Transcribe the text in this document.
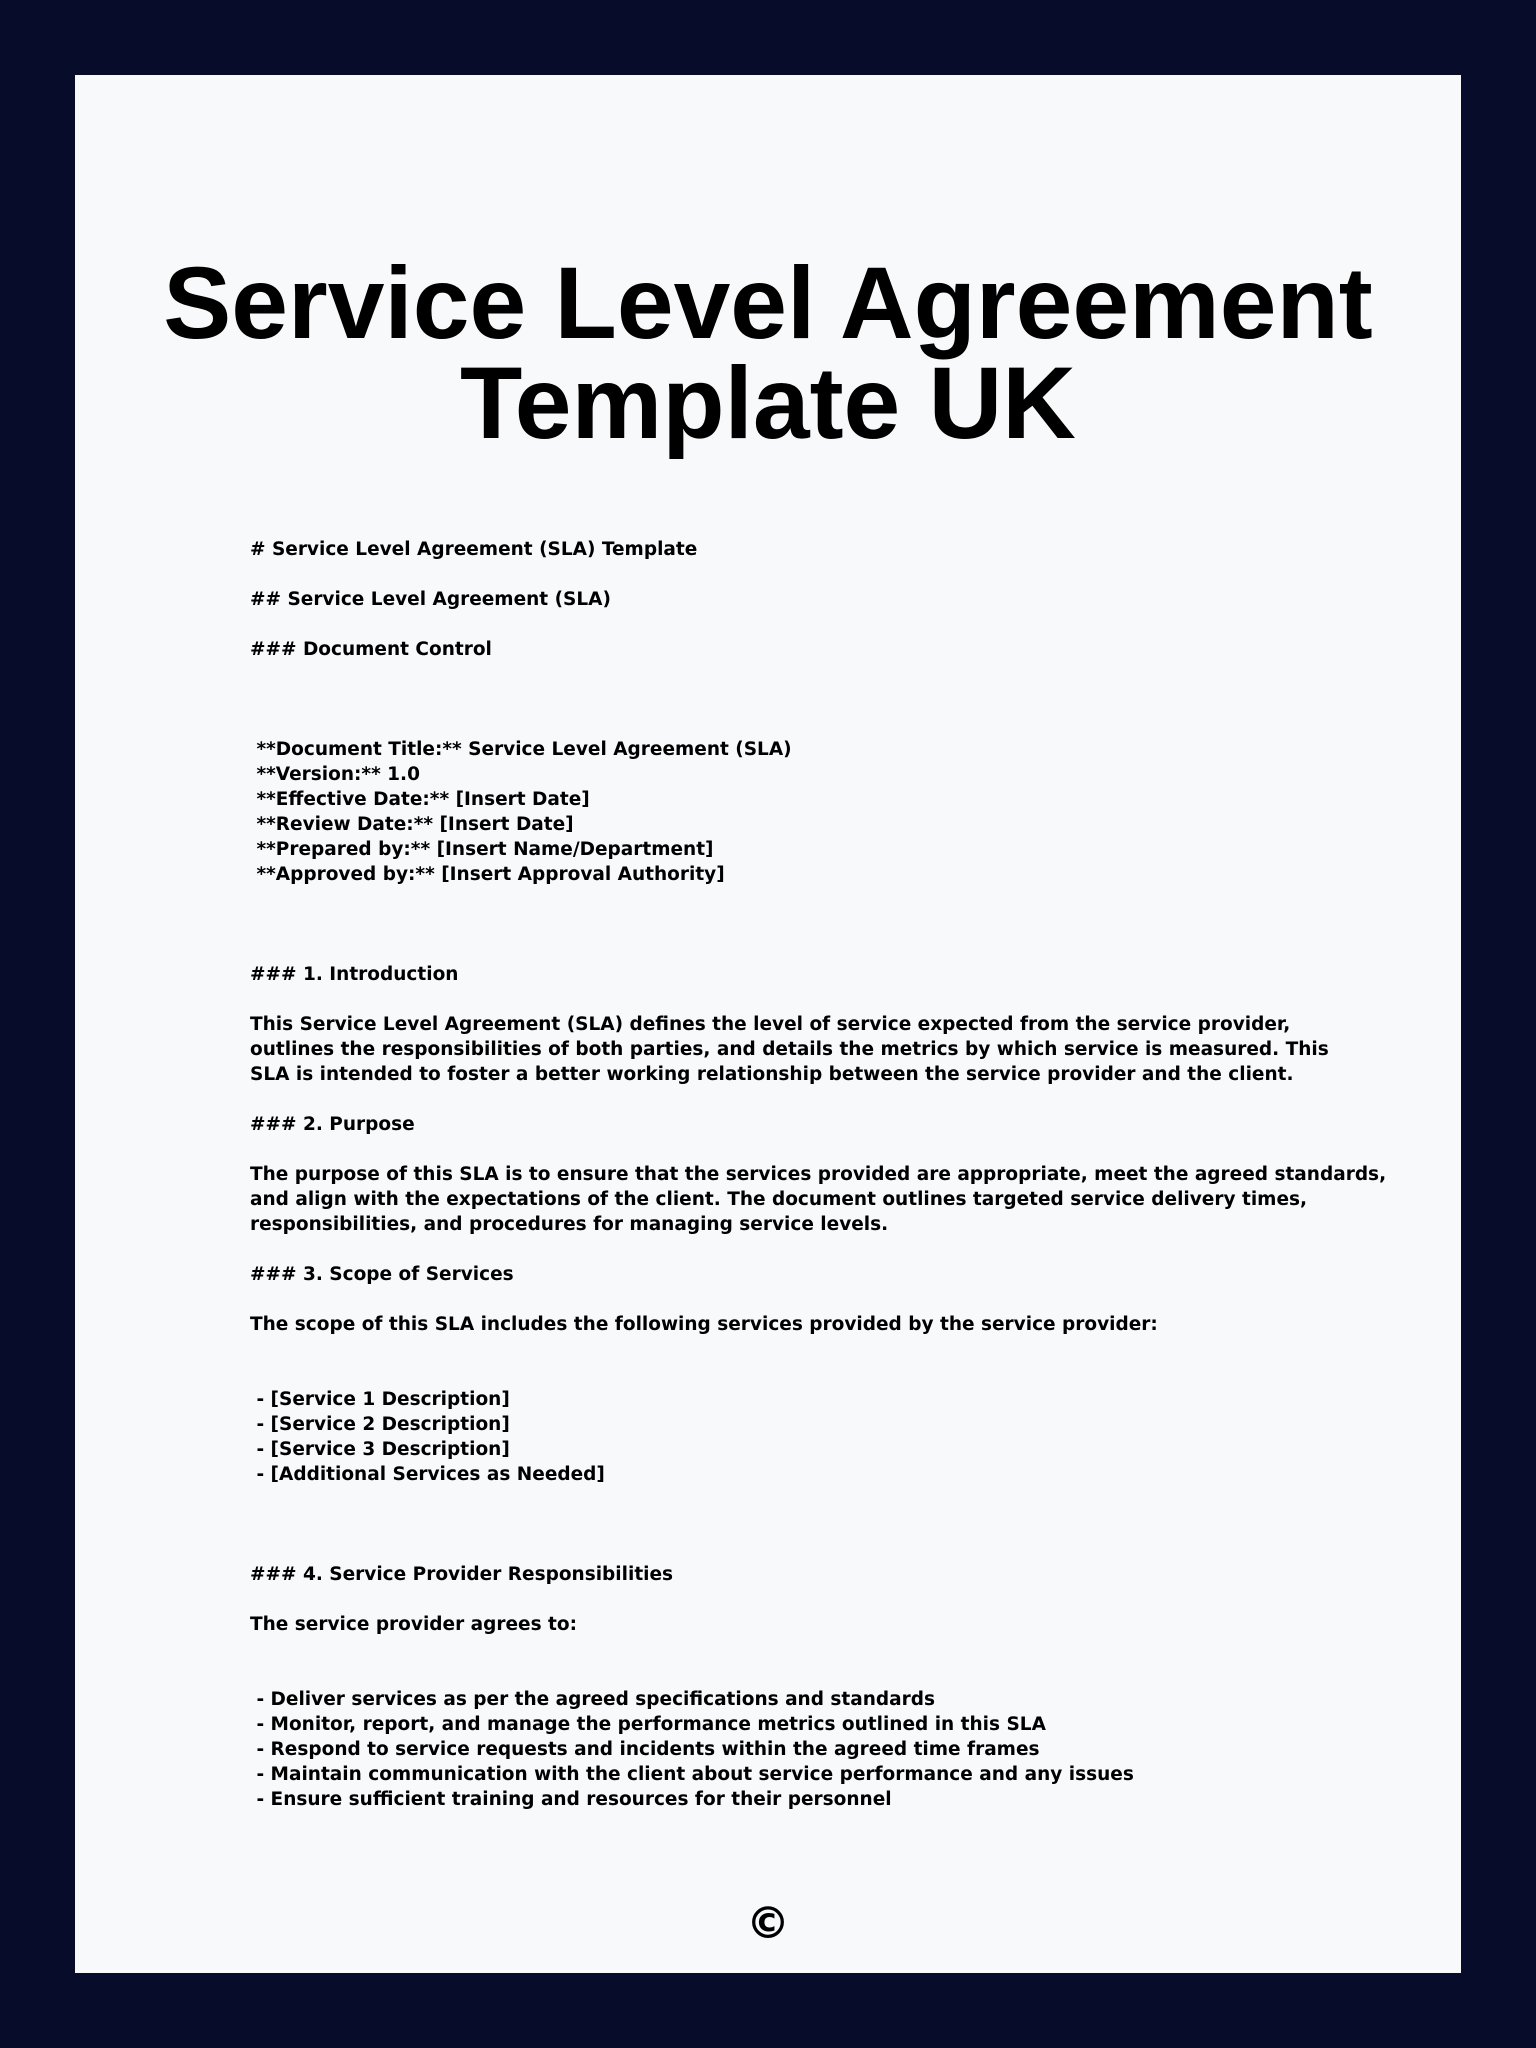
Service Level Agreement
Template UK
# Service Level Agreement (SLA) Template
## Service Level Agreement (SLA)
### Document Control
**Document Title:** Service Level Agreement (SLA)
**Version:** 1.0
**Effective Date:** [Insert Date]
**Review Date:** [Insert Date]
**Prepared by:** [Insert Name/Department]
**Approved by:** [Insert Approval Authority]
### 1. Introduction
This Service Level Agreement (SLA) defines the level of service expected from the service provider,
outlines the responsibilities of both parties, and details the metrics by which service is measured. This
SLA is intended to foster a better working relationship between the service provider and the client.
### 2. Purpose
The purpose of this SLA is to ensure that the services provided are appropriate, meet the agreed standards,
and align with the expectations of the client. The document outlines targeted service delivery times,
responsibilities, and procedures for managing service levels.
### 3. Scope of Services
The scope of this SLA includes the following services provided by the service provider:
- [Service 1 Description]
- [Service 2 Description]
- [Service 3 Description]
- [Additional Services as Needed]
### 4. Service Provider Responsibilities
The service provider agrees to:
- Deliver services as per the agreed specifications and standards
- Monitor, report, and manage the performance metrics outlined in this SLA
- Respond to service requests and incidents within the agreed time frames
- Maintain communication with the client about service performance and any issues
- Ensure sufficient training and resources for their personnel
©
